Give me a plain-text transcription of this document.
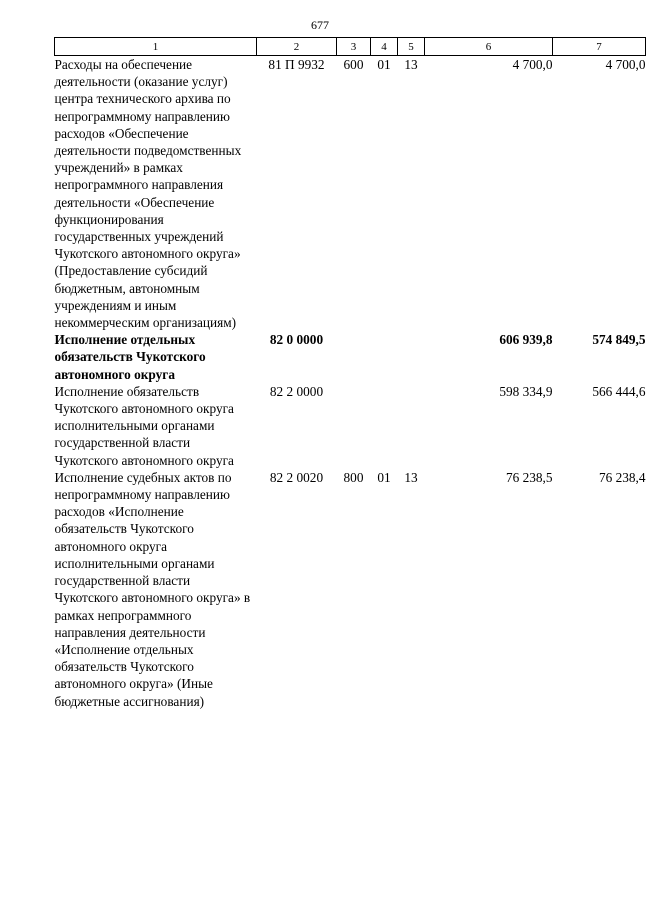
677
1	2	3	4	5	6	7
Расходы на обеспечение деятельности (оказание услуг) центра технического архива по непрограммному направлению расходов «Обеспечение деятельности подведомственных учреждений» в рамках непрограммного направления деятельности «Обеспечение функционирования государственных учреждений Чукотского автономного округа» (Предоставление субсидий бюджетным, автономным учреждениям и иным некоммерческим организациям)	81 П 9932	600	01	13	4 700,0	4 700,0
Исполнение отдельных обязательств Чукотского автономного округа	82 0 0000				606 939,8	574 849,5
Исполнение обязательств Чукотского автономного округа исполнительными органами государственной власти Чукотского автономного округа	82 2 0000				598 334,9	566 444,6
Исполнение судебных актов по непрограммному направлению расходов «Исполнение обязательств Чукотского автономного округа исполнительными органами государственной власти Чукотского автономного округа» в рамках непрограммного направления деятельности «Исполнение отдельных обязательств Чукотского автономного округа» (Иные бюджетные ассигнования)	82 2 0020	800	01	13	76 238,5	76 238,4
